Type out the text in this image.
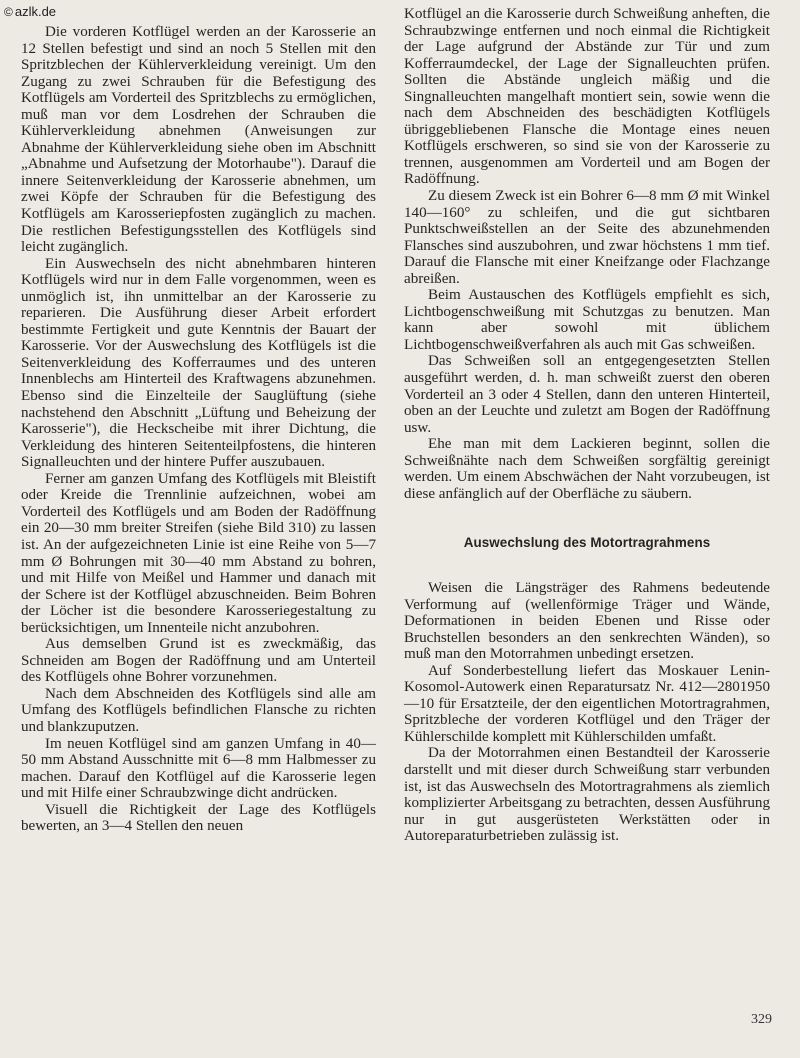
© azlk.de

Die vorderen Kotflügel werden an der Karosserie an 12 Stellen befestigt und sind an noch 5 Stellen mit den Spritzblechen der Kühlerverkleidung vereinigt. Um den Zugang zu zwei Schrauben für die Befestigung des Kotflügels am Vorderteil des Spritzblechs zu ermöglichen, muß man vor dem Losdrehen der Schrauben die Kühlerverkleidung abnehmen (Anweisungen zur Abnahme der Kühlerverkleidung siehe oben im Abschnitt „Abnahme und Aufsetzung der Motorhaube"). Darauf die innere Seitenverkleidung der Karosserie abnehmen, um zwei Köpfe der Schrauben für die Befestigung des Kotflügels am Karosseriepfosten zugänglich zu machen. Die restlichen Befestigungsstellen des Kotflügels sind leicht zugänglich.

Ein Auswechseln des nicht abnehmbaren hinteren Kotflügels wird nur in dem Falle vorgenommen, ween es unmöglich ist, ihn unmittelbar an der Karosserie zu reparieren. Die Ausführung dieser Arbeit erfordert bestimmte Fertigkeit und gute Kenntnis der Bauart der Karosserie. Vor der Auswechslung des Kotflügels ist die Seitenverkleidung des Kofferraumes und des unteren Innenblechs am Hinterteil des Kraftwagens abzunehmen. Ebenso sind die Einzelteile der Sauglüftung (siehe nachstehend den Abschnitt „Lüftung und Beheizung der Karosserie"), die Heckscheibe mit ihrer Dichtung, die Verkleidung des hinteren Seitenteilpfostens, die hinteren Signalleuchten und der hintere Puffer auszubauen.

Ferner am ganzen Umfang des Kotflügels mit Bleistift oder Kreide die Trennlinie aufzeichnen, wobei am Vorderteil des Kotflügels und am Boden der Radöffnung ein 20—30 mm breiter Streifen (siehe Bild 310) zu lassen ist. An der aufgezeichneten Linie ist eine Reihe von 5—7 mm Ø Bohrungen mit 30—40 mm Abstand zu bohren, und mit Hilfe von Meißel und Hammer und danach mit der Schere ist der Kotflügel abzuschneiden. Beim Bohren der Löcher ist die besondere Karosseriegestaltung zu berücksichtigen, um Innenteile nicht anzubohren.

Aus demselben Grund ist es zweckmäßig, das Schneiden am Bogen der Radöffnung und am Unterteil des Kotflügels ohne Bohrer vorzunehmen.

Nach dem Abschneiden des Kotflügels sind alle am Umfang des Kotflügels befindlichen Flansche zu richten und blankzuputzen.

Im neuen Kotflügel sind am ganzen Umfang in 40—50 mm Abstand Ausschnitte mit 6—8 mm Halbmesser zu machen. Darauf den Kotflügel auf die Karosserie legen und mit Hilfe einer Schraubzwinge dicht andrücken.

Visuell die Richtigkeit der Lage des Kotflügels bewerten, an 3—4 Stellen den neuen

Kotflügel an die Karosserie durch Schweißung anheften, die Schraubzwinge entfernen und noch einmal die Richtigkeit der Lage aufgrund der Abstände zur Tür und zum Kofferraumdeckel, der Lage der Signalleuchten prüfen. Sollten die Abstände ungleich mäßig und die Singnalleuchten mangelhaft montiert sein, sowie wenn die nach dem Abschneiden des beschädigten Kotflügels übriggebliebenen Flansche die Montage eines neuen Kotflügels erschweren, so sind sie von der Karosserie zu trennen, ausgenommen am Vorderteil und am Bogen der Radöffnung.

Zu diesem Zweck ist ein Bohrer 6—8 mm Ø mit Winkel 140—160° zu schleifen, und die gut sichtbaren Punktschweißstellen an der Seite des abzunehmenden Flansches sind auszubohren, und zwar höchstens 1 mm tief. Darauf die Flansche mit einer Kneifzange oder Flachzange abreißen.

Beim Austauschen des Kotflügels empfiehlt es sich, Lichtbogenschweißung mit Schutzgas zu benutzen. Man kann aber sowohl mit üblichem Lichtbogenschweißverfahren als auch mit Gas schweißen.

Das Schweißen soll an entgegengesetzten Stellen ausgeführt werden, d. h. man schweißt zuerst den oberen Vorderteil an 3 oder 4 Stellen, dann den unteren Hinterteil, oben an der Leuchte und zuletzt am Bogen der Radöffnung usw.

Ehe man mit dem Lackieren beginnt, sollen die Schweißnähte nach dem Schweißen sorgfältig gereinigt werden. Um einem Abschwächen der Naht vorzubeugen, ist diese anfänglich auf der Oberfläche zu säubern.

Auswechslung des Motortragrahmens

Weisen die Längsträger des Rahmens bedeutende Verformung auf (wellenförmige Träger und Wände, Deformationen in beiden Ebenen und Risse oder Bruchstellen besonders an den senkrechten Wänden), so muß man den Motorrahmen unbedingt ersetzen.

Auf Sonderbestellung liefert das Moskauer Lenin-Kosomol-Autowerk einen Reparatursatz Nr. 412—2801950—10 für Ersatzteile, der den eigentlichen Motortragrahmen, Spritzbleche der vorderen Kotflügel und den Träger der Kühlerschilde komplett mit Kühlerschilden umfaßt.

Da der Motorrahmen einen Bestandteil der Karosserie darstellt und mit dieser durch Schweißung starr verbunden ist, ist das Auswechseln des Motortragrahmens als ziemlich komplizierter Arbeitsgang zu betrachten, dessen Ausführung nur in gut ausgerüsteten Werkstätten oder in Autoreparaturbetrieben zulässig ist.

329
